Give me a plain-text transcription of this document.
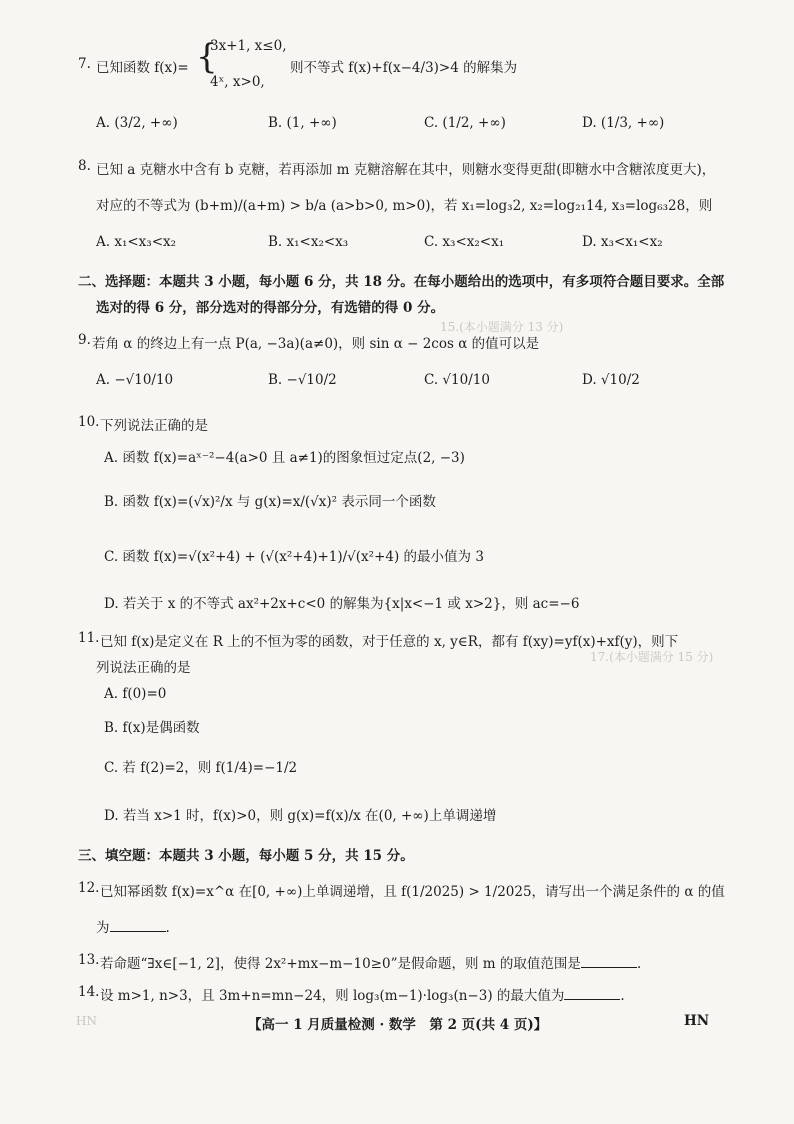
15.(本小题满分 13 分)
17.(本小题满分 15 分)
HN
7. 已知函数 f(x)= {
3x+1, x≤0,
4ˣ, x>0,
则不等式 f(x)+f(x−4/3)>4 的解集为
A. (3/2, +∞)	B. (1, +∞)	C. (1/2, +∞)	D. (1/3, +∞)
8. 已知 a 克糖水中含有 b 克糖，若再添加 m 克糖溶解在其中，则糖水变得更甜(即糖水中含糖浓度更大)，
对应的不等式为 (b+m)/(a+m) > b/a (a>b>0, m>0)，若 x₁=log₃2, x₂=log₂₁14, x₃=log₆₃28，则
A. x₁<x₃<x₂	B. x₁<x₂<x₃	C. x₃<x₂<x₁	D. x₃<x₁<x₂
二、选择题：本题共 3 小题，每小题 6 分，共 18 分。在每小题给出的选项中，有多项符合题目要求。全部
选对的得 6 分，部分选对的得部分分，有选错的得 0 分。
9. 若角 α 的终边上有一点 P(a, −3a)(a≠0)，则 sin α − 2cos α 的值可以是
A. −√10/10	B. −√10/2	C. √10/10	D. √10/2
10. 下列说法正确的是
A. 函数 f(x)=aˣ⁻²−4(a>0 且 a≠1)的图象恒过定点(2, −3)
B. 函数 f(x)=(√x)²/x 与 g(x)=x/(√x)² 表示同一个函数
C. 函数 f(x)=√(x²+4) + (√(x²+4)+1)/√(x²+4) 的最小值为 3
D. 若关于 x 的不等式 ax²+2x+c<0 的解集为{x|x<−1 或 x>2}，则 ac=−6
11. 已知 f(x)是定义在 R 上的不恒为零的函数，对于任意的 x, y∈R，都有 f(xy)=yf(x)+xf(y)，则下
列说法正确的是
A. f(0)=0
B. f(x)是偶函数
C. 若 f(2)=2，则 f(1/4)=−1/2
D. 若当 x>1 时，f(x)>0，则 g(x)=f(x)/x 在(0, +∞)上单调递增
三、填空题：本题共 3 小题，每小题 5 分，共 15 分。
12. 已知幂函数 f(x)=x^α 在[0, +∞)上单调递增，且 f(1/2025) > 1/2025，请写出一个满足条件的 α 的值
为	.
13. 若命题“∃x∈[−1, 2]，使得 2x²+mx−m−10≥0”是假命题，则 m 的取值范围是	.
14. 设 m>1, n>3，且 3m+n=mn−24，则 log₃(m−1)·log₃(n−3) 的最大值为	.
【高一 1 月质量检测 · 数学　第 2 页(共 4 页)】	HN
